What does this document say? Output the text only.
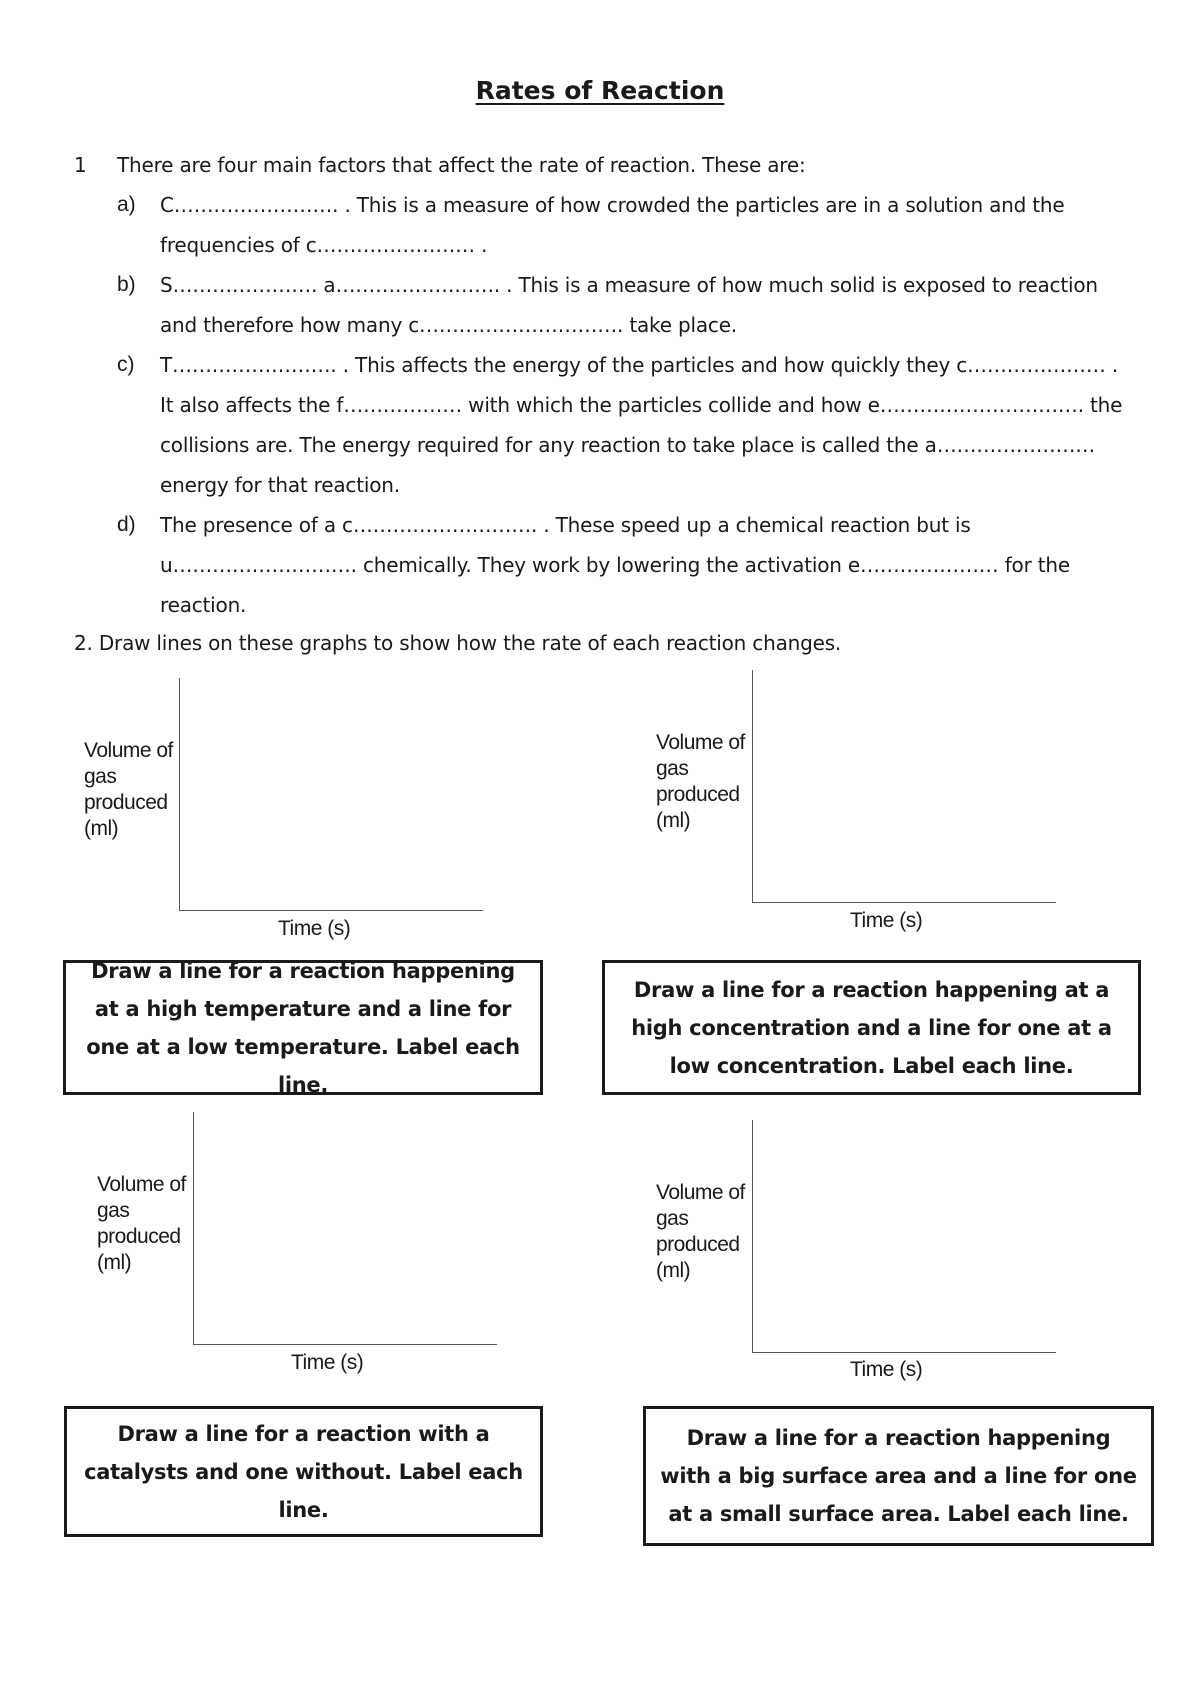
Rates of Reaction
1 There are four main factors that affect the rate of reaction. These are:
a) C……………………. . This is a measure of how crowded the particles are in a solution and the
frequencies of c…………………… .
b) S…………………. a……………………. . This is a measure of how much solid is exposed to reaction
and therefore how many c…………………………. take place.
c) T……………………. . This affects the energy of the particles and how quickly they c………………… .
It also affects the f……………… with which the particles collide and how e…………………………. the
collisions are. The energy required for any reaction to take place is called the a……………………
energy for that reaction.
d) The presence of a c………………………. . These speed up a chemical reaction but is
u………………………. chemically. They work by lowering the activation e………………… for the
reaction.
2. Draw lines on these graphs to show how the rate of each reaction changes.
Volume of
gas
produced
(ml)
Time (s)
Volume of
gas
produced
(ml)
Time (s)
Draw a line for a reaction happening at a high temperature and a line for one at a low temperature. Label each line.
Draw a line for a reaction happening at a high concentration and a line for one at a low concentration. Label each line.
Volume of
gas
produced
(ml)
Time (s)
Volume of
gas
produced
(ml)
Time (s)
Draw a line for a reaction with a catalysts and one without. Label each line.
Draw a line for a reaction happening with a big surface area and a line for one at a small surface area. Label each line.
